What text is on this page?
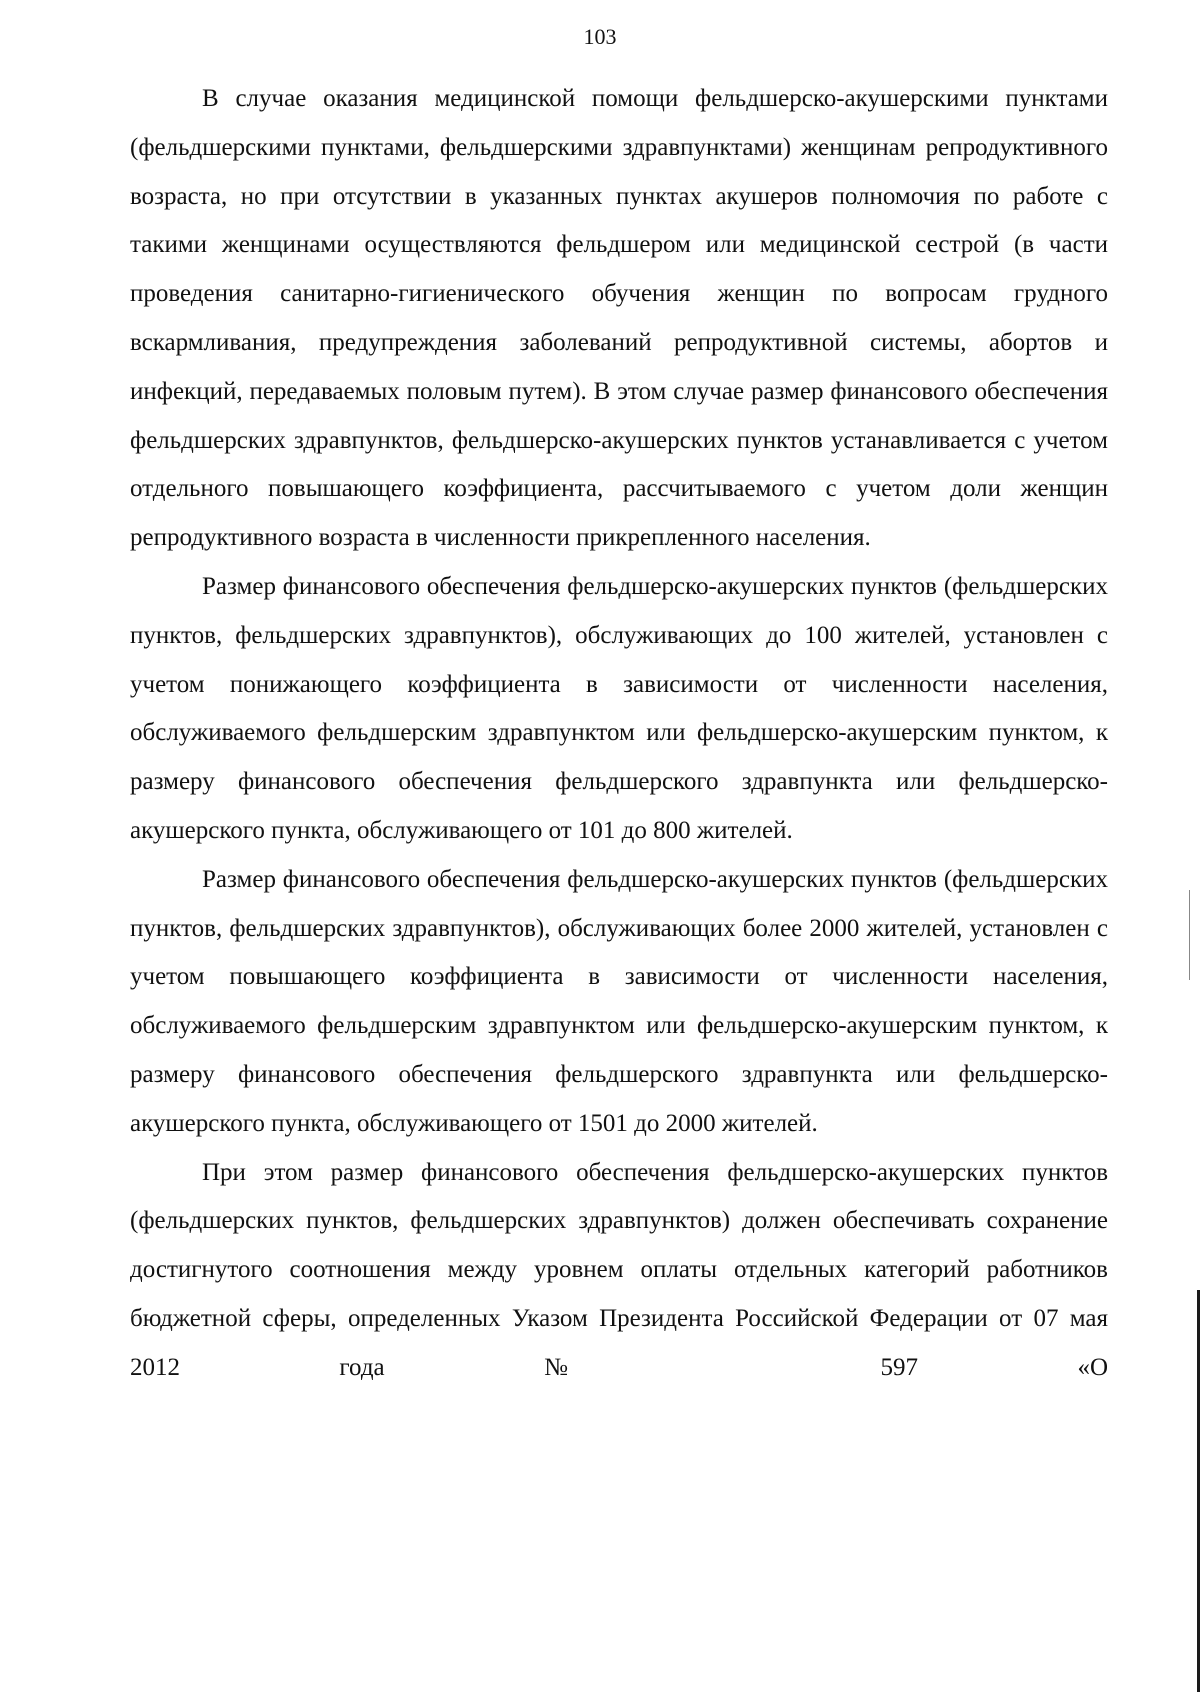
103

В случае оказания медицинской помощи фельдшерско-акушерскими пунктами (фельдшерскими пунктами, фельдшерскими здравпунктами) женщинам репродуктивного возраста, но при отсутствии в указанных пунктах акушеров полномочия по работе с такими женщинами осуществляются фельдшером или медицинской сестрой (в части проведения санитарно-гигиенического обучения женщин по вопросам грудного вскармливания, предупреждения заболеваний репродуктивной системы, абортов и инфекций, передаваемых половым путем). В этом случае размер финансового обеспечения фельдшерских здравпунктов, фельдшерско-акушерских пунктов устанавливается с учетом отдельного повышающего коэффициента, рассчитываемого с учетом доли женщин репродуктивного возраста в численности прикрепленного населения.

Размер финансового обеспечения фельдшерско-акушерских пунктов (фельдшерских пунктов, фельдшерских здравпунктов), обслуживающих до 100 жителей, установлен с учетом понижающего коэффициента в зависимости от численности населения, обслуживаемого фельдшерским здравпунктом или фельдшерско-акушерским пунктом, к размеру финансового обеспечения фельдшерского здравпункта или фельдшерско-акушерского пункта, обслуживающего от 101 до 800 жителей.

Размер финансового обеспечения фельдшерско-акушерских пунктов (фельдшерских пунктов, фельдшерских здравпунктов), обслуживающих более 2000 жителей, установлен с учетом повышающего коэффициента в зависимости от численности населения, обслуживаемого фельдшерским здравпунктом или фельдшерско-акушерским пунктом, к размеру финансового обеспечения фельдшерского здравпункта или фельдшерско-акушерского пункта, обслуживающего от 1501 до 2000 жителей.

При этом размер финансового обеспечения фельдшерско-акушерских пунктов (фельдшерских пунктов, фельдшерских здравпунктов) должен обеспечивать сохранение достигнутого соотношения между уровнем оплаты отдельных категорий работников бюджетной сферы, определенных Указом Президента Российской Федерации от 07 мая 2012 года № 597 «О
